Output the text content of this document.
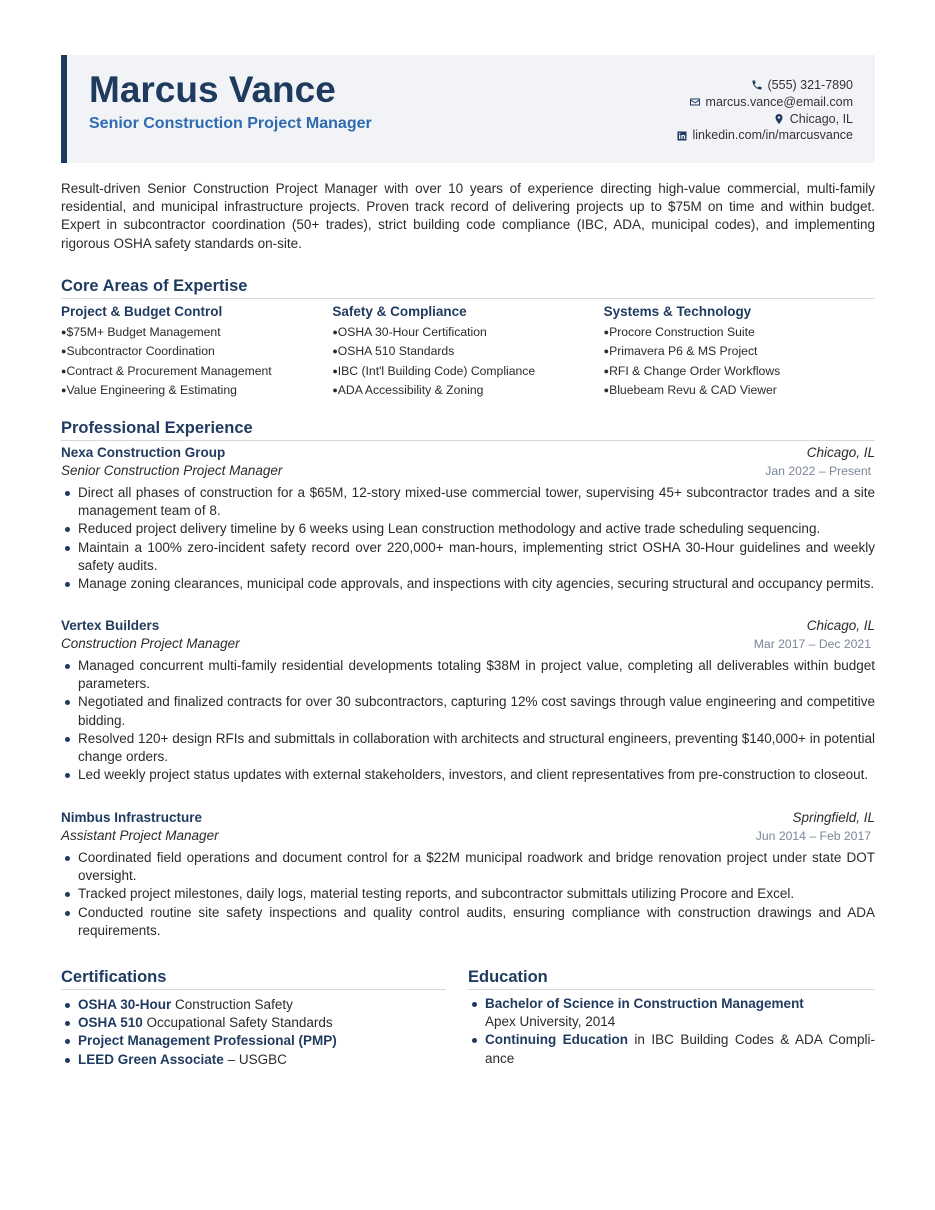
Marcus Vance
Senior Construction Project Manager
(555) 321-7890
marcus.vance@email.com
Chicago, IL
linkedin.com/in/marcusvance

Result-driven Senior Construction Project Manager with over 10 years of experience directing high-value commercial, multi-family residential, and municipal infrastructure projects. Proven track record of delivering projects up to $75M on time and within budget. Expert in subcontractor coordination (50+ trades), strict building code compliance (IBC, ADA, municipal codes), and implementing rigorous OSHA safety standards on-site.

Core Areas of Expertise
Project & Budget Control
● $75M+ Budget Management
● Subcontractor Coordination
● Contract & Procurement Management
● Value Engineering & Estimating
Safety & Compliance
● OSHA 30-Hour Certification
● OSHA 510 Standards
● IBC (Int'l Building Code) Compliance
● ADA Accessibility & Zoning
Systems & Technology
● Procore Construction Suite
● Primavera P6 & MS Project
● RFI & Change Order Workflows
● Bluebeam Revu & CAD Viewer
Professional Experience
Nexa Construction Group	Chicago, IL
Senior Construction Project Manager	Jan 2022 – Present
Direct all phases of construction for a $65M, 12-story mixed-use commercial tower, supervising 45+ subcontractor trades and a site management team of 8.
Reduced project delivery timeline by 6 weeks using Lean construction methodology and active trade scheduling sequencing.
Maintain a 100% zero-incident safety record over 220,000+ man-hours, implementing strict OSHA 30-Hour guidelines and weekly safety audits.
Manage zoning clearances, municipal code approvals, and inspections with city agencies, securing structural and occupancy permits.
Vertex Builders	Chicago, IL
Construction Project Manager	Mar 2017 – Dec 2021
Managed concurrent multi-family residential developments totaling $38M in project value, completing all deliverables within budget parameters.
Negotiated and finalized contracts for over 30 subcontractors, capturing 12% cost savings through value engineering and competitive bidding.
Resolved 120+ design RFIs and submittals in collaboration with architects and structural engineers, preventing $140,000+ in potential change orders.
Led weekly project status updates with external stakeholders, investors, and client representatives from pre-construction to closeout.
Nimbus Infrastructure	Springfield, IL
Assistant Project Manager	Jun 2014 – Feb 2017
Coordinated field operations and document control for a $22M municipal roadwork and bridge renovation project under state DOT oversight.
Tracked project milestones, daily logs, material testing reports, and subcontractor submittals utilizing Procore and Excel.
Conducted routine site safety inspections and quality control audits, ensuring compliance with construction drawings and ADA requirements.
Certifications
OSHA 30-Hour Construction Safety
OSHA 510 Occupational Safety Standards
Project Management Professional (PMP)
LEED Green Associate – USGBC
Education
Bachelor of Science in Construction Management
Apex University, 2014
Continuing Education in IBC Building Codes & ADA Compliance
